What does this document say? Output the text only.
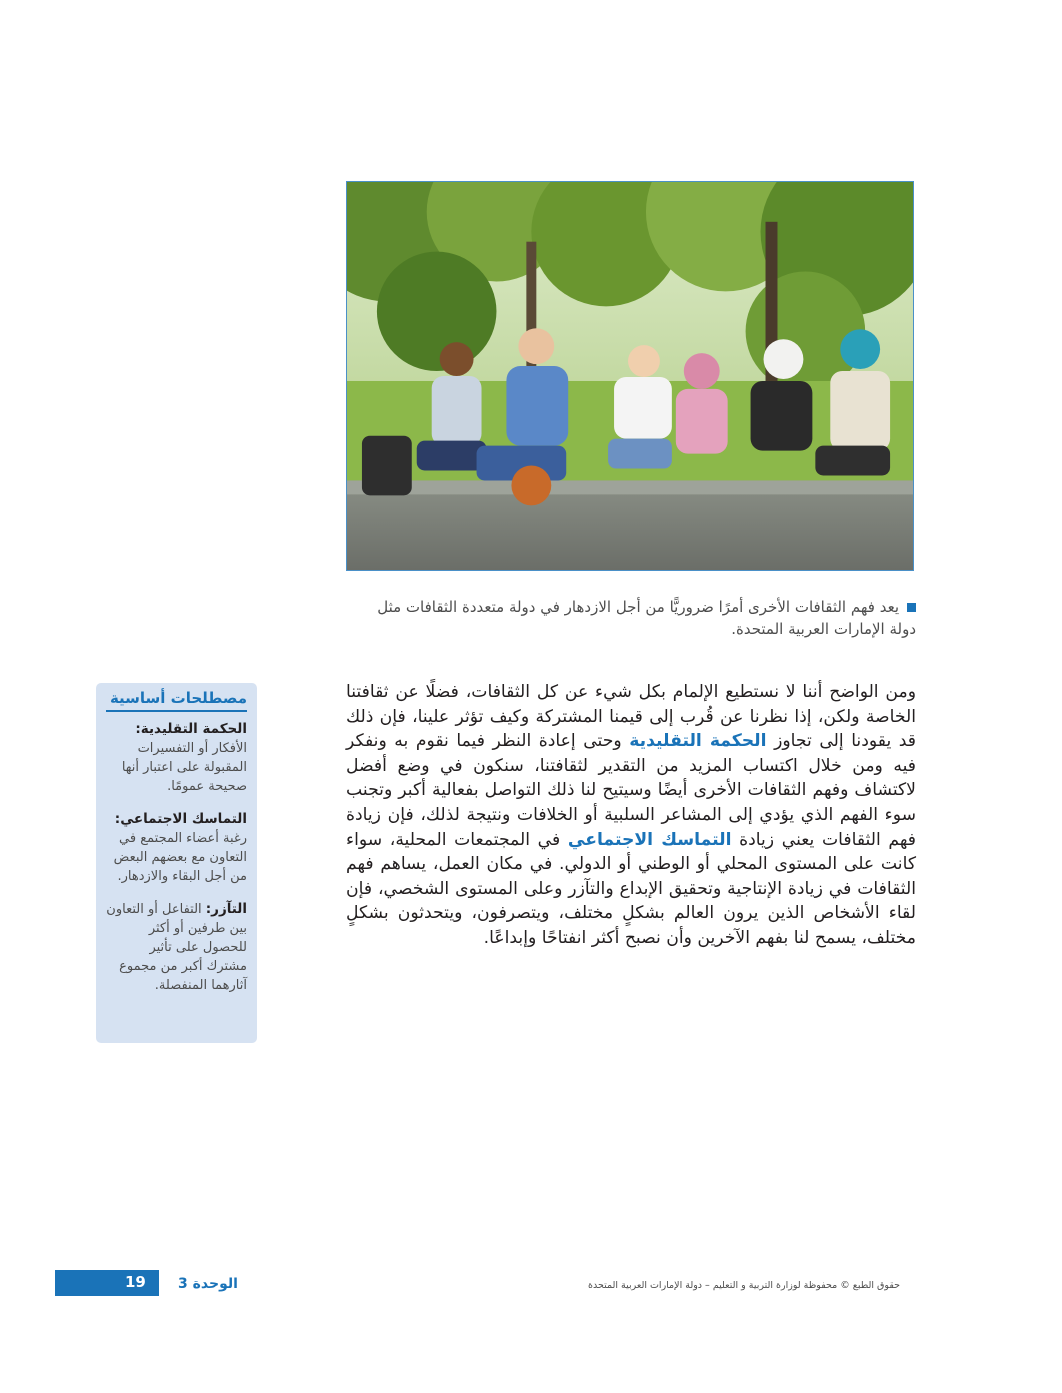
يعد فهم الثقافات الأخرى أمرًا ضروريًّا من أجل الازدهار في دولة متعددة الثقافات مثل دولة الإمارات العربية المتحدة.

ومن الواضح أننا لا نستطيع الإلمام بكل شيء عن كل الثقافات، فضلًا عن ثقافتنا الخاصة ولكن، إذا نظرنا عن قُرب إلى قيمنا المشتركة وكيف تؤثر علينا، فإن ذلك قد يقودنا إلى تجاوز الحكمة التقليدية وحتى إعادة النظر فيما نقوم به ونفكر فيه ومن خلال اكتساب المزيد من التقدير لثقافتنا، سنكون في وضع أفضل لاكتشاف وفهم الثقافات الأخرى أيضًا وسيتيح لنا ذلك التواصل بفعالية أكبر وتجنب سوء الفهم الذي يؤدي إلى المشاعر السلبية أو الخلافات ونتيجة لذلك، فإن زيادة فهم الثقافات يعني زيادة التماسك الاجتماعي في المجتمعات المحلية، سواء كانت على المستوى المحلي أو الوطني أو الدولي. في مكان العمل، يساهم فهم الثقافات في زيادة الإنتاجية وتحقيق الإبداع والتآزر وعلى المستوى الشخصي، فإن لقاء الأشخاص الذين يرون العالم بشكلٍ مختلف، ويتصرفون، ويتحدثون بشكلٍ مختلف، يسمح لنا بفهم الآخرين وأن نصبح أكثر انفتاحًا وإبداعًا.

مصطلحات أساسية
الحكمة التقليدية: الأفكار أو التفسيرات المقبولة على اعتبار أنها صحيحة عمومًا.
التماسك الاجتماعي: رغبة أعضاء المجتمع في التعاون مع بعضهم البعض من أجل البقاء والازدهار.
التآزر: التفاعل أو التعاون بين طرفين أو أكثر للحصول على تأثير مشترك أكبر من مجموع آثارهما المنفصلة.
19 الوحدة 3	حقوق الطبع © محفوظة لوزارة التربية و التعليم – دولة الإمارات العربية المتحدة
